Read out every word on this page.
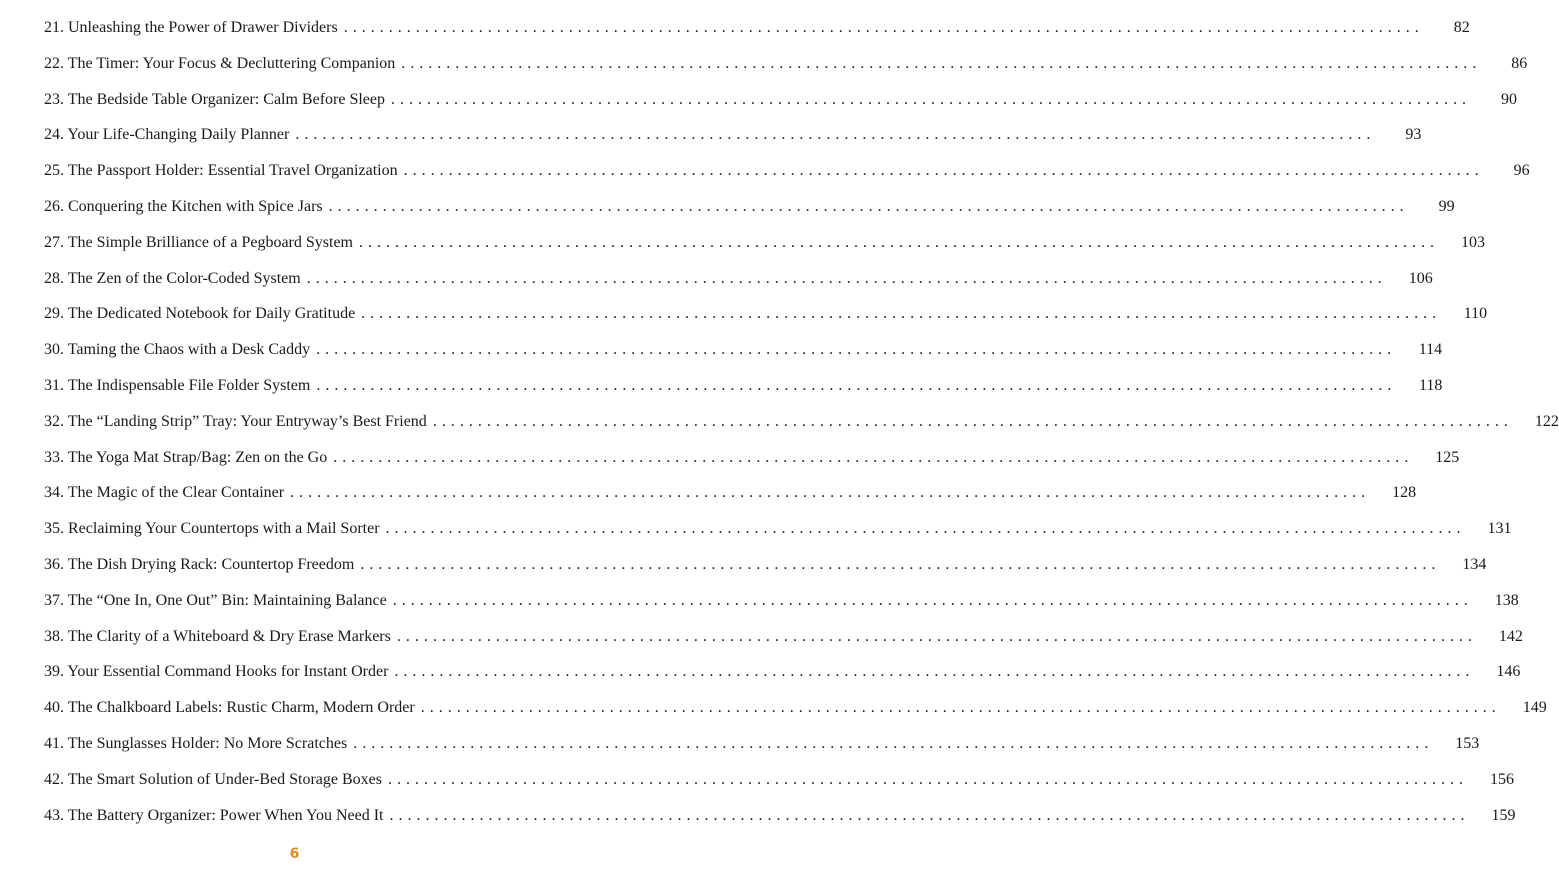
21. Unleashing the Power of Drawer Dividers ........................................................................................................................	82
22. The Timer: Your Focus & Decluttering Companion ........................................................................................................................	86
23. The Bedside Table Organizer: Calm Before Sleep ........................................................................................................................	90
24. Your Life-Changing Daily Planner ........................................................................................................................	93
25. The Passport Holder: Essential Travel Organization ........................................................................................................................	96
26. Conquering the Kitchen with Spice Jars ........................................................................................................................	99
27. The Simple Brilliance of a Pegboard System ........................................................................................................................	103
28. The Zen of the Color-Coded System ........................................................................................................................	106
29. The Dedicated Notebook for Daily Gratitude ........................................................................................................................	110
30. Taming the Chaos with a Desk Caddy ........................................................................................................................	114
31. The Indispensable File Folder System ........................................................................................................................	118
32. The “Landing Strip” Tray: Your Entryway’s Best Friend ........................................................................................................................	122
33. The Yoga Mat Strap/Bag: Zen on the Go ........................................................................................................................	125
34. The Magic of the Clear Container ........................................................................................................................	128
35. Reclaiming Your Countertops with a Mail Sorter ........................................................................................................................	131
36. The Dish Drying Rack: Countertop Freedom ........................................................................................................................	134
37. The “One In, One Out” Bin: Maintaining Balance ........................................................................................................................	138
38. The Clarity of a Whiteboard & Dry Erase Markers ........................................................................................................................	142
39. Your Essential Command Hooks for Instant Order ........................................................................................................................	146
40. The Chalkboard Labels: Rustic Charm, Modern Order ........................................................................................................................	149
41. The Sunglasses Holder: No More Scratches ........................................................................................................................	153
42. The Smart Solution of Under-Bed Storage Boxes ........................................................................................................................	156
43. The Battery Organizer: Power When You Need It ........................................................................................................................	159
6
